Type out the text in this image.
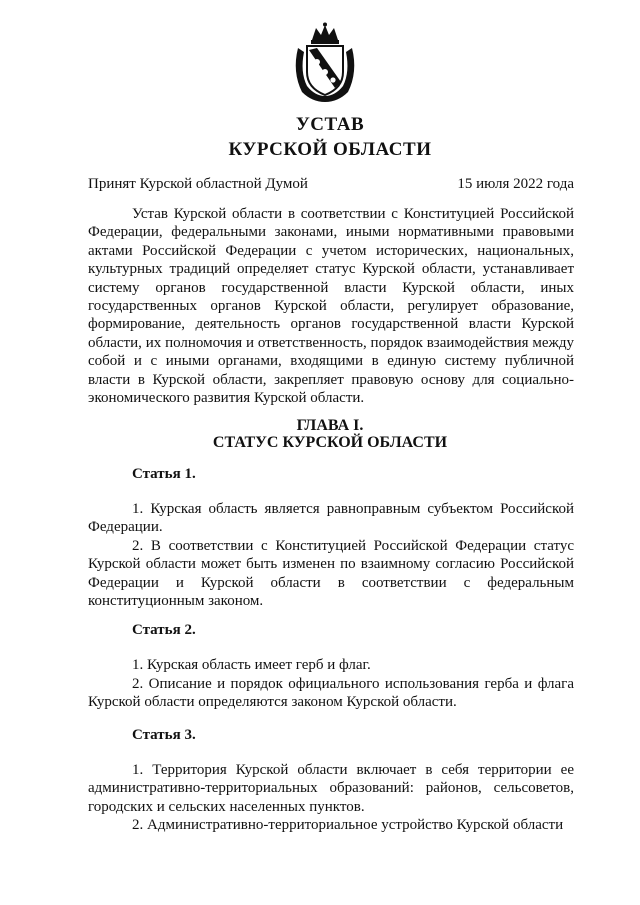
УСТАВ
КУРСКОЙ ОБЛАСТИ
Принят Курской областной Думой	15 июля 2022 года

Устав Курской области в соответствии с Конституцией Российской Федерации, федеральными законами, иными нормативными правовыми актами Российской Федерации с учетом исторических, национальных, культурных традиций определяет статус Курской области, устанавливает систему органов государственной власти Курской области, иных государственных органов Курской области, регулирует образование, формирование, деятельность органов государственной власти Курской области, их полномочия и ответственность, порядок взаимодействия между собой и с иными органами, входящими в единую систему публичной власти в Курской области, закрепляет правовую основу для социально-экономического развития Курской области.

ГЛАВА I.
СТАТУС КУРСКОЙ ОБЛАСТИ
Статья 1.

1. Курская область является равноправным субъектом Российской Федерации.

2. В соответствии с Конституцией Российской Федерации статус Курской области может быть изменен по взаимному согласию Российской Федерации и Курской области в соответствии с федеральным конституционным законом.

Статья 2.

1. Курская область имеет герб и флаг.

2. Описание и порядок официального использования герба и флага Курской области определяются законом Курской области.

Статья 3.

1. Территория Курской области включает в себя территории ее административно-территориальных образований: районов, сельсоветов, городских и сельских населенных пунктов.

2. Административно-территориальное устройство Курской области
